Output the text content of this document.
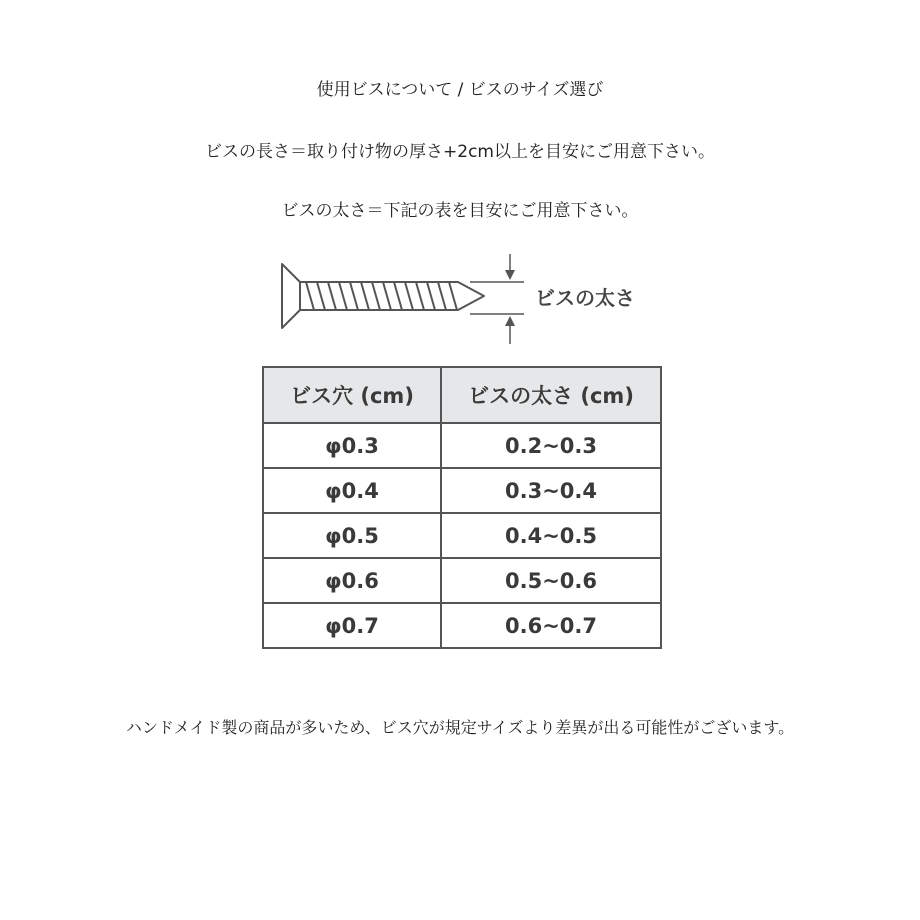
使用ビスについて / ビスのサイズ選び
ビスの長さ＝取り付け物の厚さ+2cm以上を目安にご用意下さい。
ビスの太さ＝下記の表を目安にご用意下さい。
ビスの太さ
ビス穴 (cm)	ビスの太さ (cm)
φ0.3	0.2~0.3
φ0.4	0.3~0.4
φ0.5	0.4~0.5
φ0.6	0.5~0.6
φ0.7	0.6~0.7
ハンドメイド製の商品が多いため、ビス穴が規定サイズより差異が出る可能性がございます。
